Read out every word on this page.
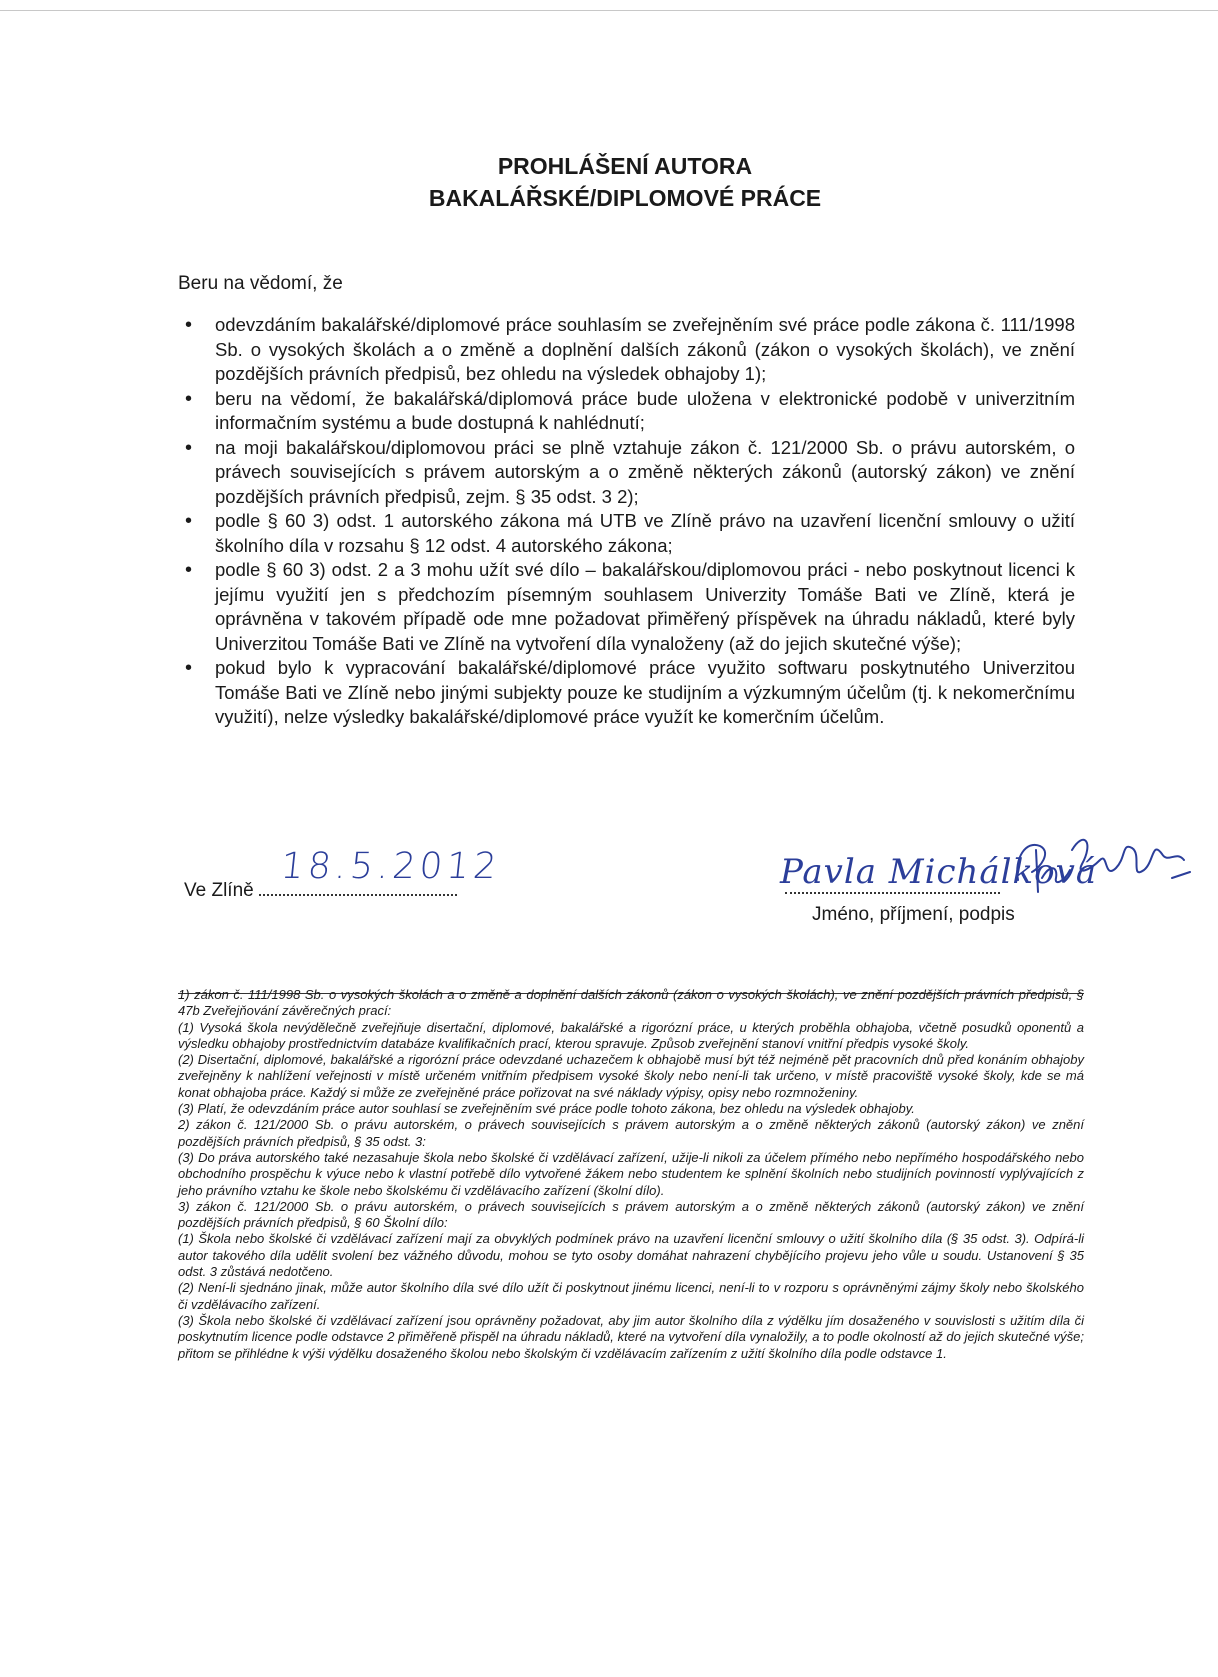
PROHLÁŠENÍ AUTORA
BAKALÁŘSKÉ/DIPLOMOVÉ PRÁCE
Beru na vědomí, že
• odevzdáním bakalářské/diplomové práce souhlasím se zveřejněním své práce podle zákona č. 111/1998 Sb. o vysokých školách a o změně a doplnění dalších zákonů (zákon o vysokých školách), ve znění pozdějších právních předpisů, bez ohledu na výsledek obhajoby 1);
• beru na vědomí, že bakalářská/diplomová práce bude uložena v elektronické podobě v univerzitním informačním systému a bude dostupná k nahlédnutí;
• na moji bakalářskou/diplomovou práci se plně vztahuje zákon č. 121/2000 Sb. o právu autorském, o právech souvisejících s právem autorským a o změně některých zákonů (autorský zákon) ve znění pozdějších právních předpisů, zejm. § 35 odst. 3 2);
• podle § 60 3) odst. 1 autorského zákona má UTB ve Zlíně právo na uzavření licenční smlouvy o užití školního díla v rozsahu § 12 odst. 4 autorského zákona;
• podle § 60 3) odst. 2 a 3 mohu užít své dílo – bakalářskou/diplomovou práci - nebo poskytnout licenci k jejímu využití jen s předchozím písemným souhlasem Univerzity Tomáše Bati ve Zlíně, která je oprávněna v takovém případě ode mne požadovat přiměřený příspěvek na úhradu nákladů, které byly Univerzitou Tomáše Bati ve Zlíně na vytvoření díla vynaloženy (až do jejich skutečné výše);
• pokud bylo k vypracování bakalářské/diplomové práce využito softwaru poskytnutého Univerzitou Tomáše Bati ve Zlíně nebo jinými subjekty pouze ke studijním a výzkumným účelům (tj. k nekomerčnímu využití), nelze výsledky bakalářské/diplomové práce využít ke komerčním účelům.
Ve Zlíně
18.5.2012	Pavla Michálková
Jméno, příjmení, podpis

1) zákon č. 111/1998 Sb. o vysokých školách a o změně a doplnění dalších zákonů (zákon o vysokých školách), ve znění pozdějších právních předpisů, § 47b Zveřejňování závěrečných prací:

(1) Vysoká škola nevýdělečně zveřejňuje disertační, diplomové, bakalářské a rigorózní práce, u kterých proběhla obhajoba, včetně posudků oponentů a výsledku obhajoby prostřednictvím databáze kvalifikačních prací, kterou spravuje. Způsob zveřejnění stanoví vnitřní předpis vysoké školy.

(2) Disertační, diplomové, bakalářské a rigorózní práce odevzdané uchazečem k obhajobě musí být též nejméně pět pracovních dnů před konáním obhajoby zveřejněny k nahlížení veřejnosti v místě určeném vnitřním předpisem vysoké školy nebo není-li tak určeno, v místě pracoviště vysoké školy, kde se má konat obhajoba práce. Každý si může ze zveřejněné práce pořizovat na své náklady výpisy, opisy nebo rozmnoženiny.

(3) Platí, že odevzdáním práce autor souhlasí se zveřejněním své práce podle tohoto zákona, bez ohledu na výsledek obhajoby.

2) zákon č. 121/2000 Sb. o právu autorském, o právech souvisejících s právem autorským a o změně některých zákonů (autorský zákon) ve znění pozdějších právních předpisů, § 35 odst. 3:

(3) Do práva autorského také nezasahuje škola nebo školské či vzdělávací zařízení, užije-li nikoli za účelem přímého nebo nepřímého hospodářského nebo obchodního prospěchu k výuce nebo k vlastní potřebě dílo vytvořené žákem nebo studentem ke splnění školních nebo studijních povinností vyplývajících z jeho právního vztahu ke škole nebo školskému či vzdělávacího zařízení (školní dílo).

3) zákon č. 121/2000 Sb. o právu autorském, o právech souvisejících s právem autorským a o změně některých zákonů (autorský zákon) ve znění pozdějších právních předpisů, § 60 Školní dílo:

(1) Škola nebo školské či vzdělávací zařízení mají za obvyklých podmínek právo na uzavření licenční smlouvy o užití školního díla (§ 35 odst. 3). Odpírá-li autor takového díla udělit svolení bez vážného důvodu, mohou se tyto osoby domáhat nahrazení chybějícího projevu jeho vůle u soudu. Ustanovení § 35 odst. 3 zůstává nedotčeno.

(2) Není-li sjednáno jinak, může autor školního díla své dílo užít či poskytnout jinému licenci, není-li to v rozporu s oprávněnými zájmy školy nebo školského či vzdělávacího zařízení.

(3) Škola nebo školské či vzdělávací zařízení jsou oprávněny požadovat, aby jim autor školního díla z výdělku jím dosaženého v souvislosti s užitím díla či poskytnutím licence podle odstavce 2 přiměřeně přispěl na úhradu nákladů, které na vytvoření díla vynaložily, a to podle okolností až do jejich skutečné výše; přitom se přihlédne k výši výdělku dosaženého školou nebo školským či vzdělávacím zařízením z užití školního díla podle odstavce 1.
